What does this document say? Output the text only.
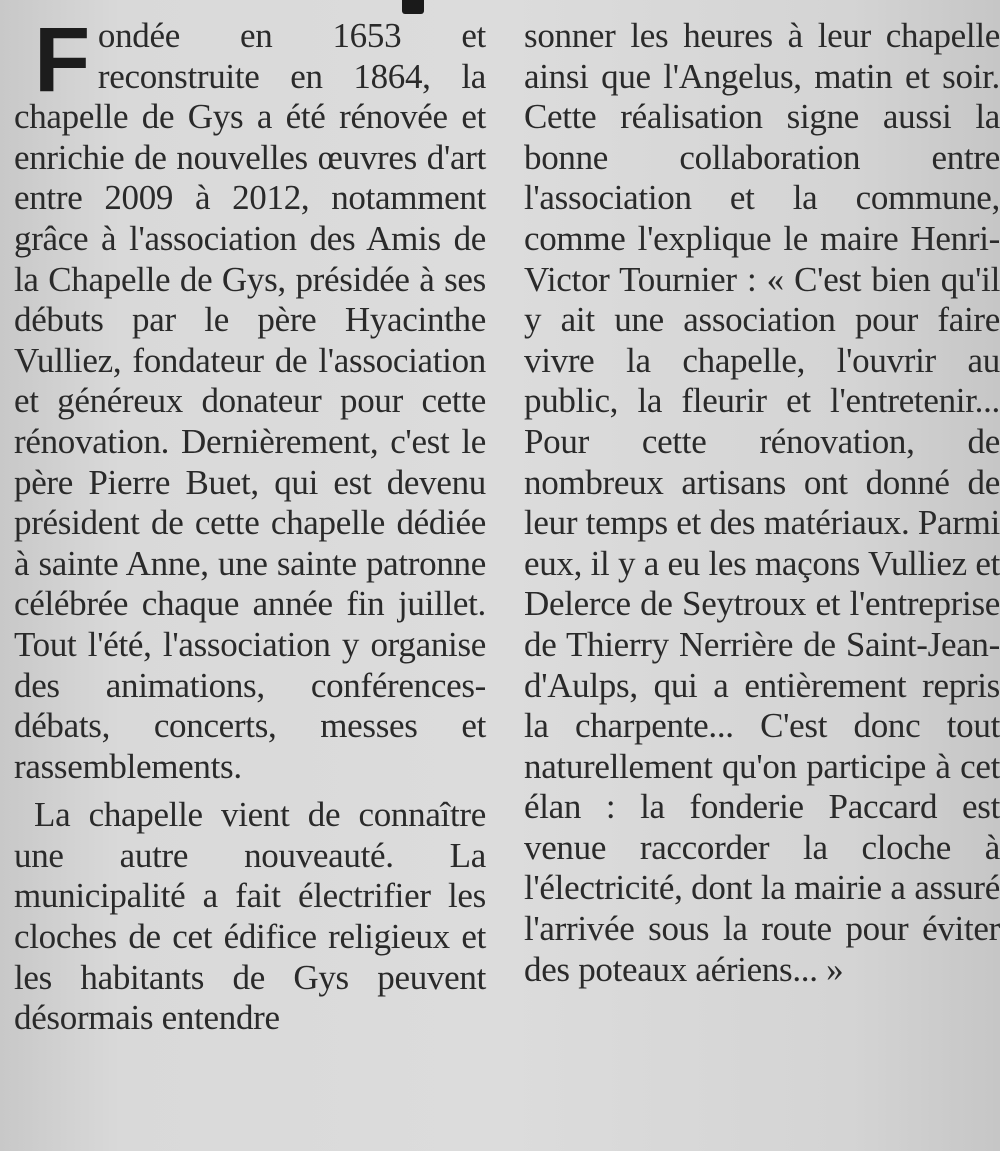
Fondée en 1653 et reconstruite en 1864, la chapelle de Gys a été rénovée et enrichie de nouvelles œuvres d'art entre 2009 à 2012, notamment grâce à l'association des Amis de la Chapelle de Gys, présidée à ses débuts par le père Hyacinthe Vulliez, fondateur de l'association et généreux donateur pour cette rénovation. Dernièrement, c'est le père Pierre Buet, qui est devenu président de cette chapelle dédiée à sainte Anne, une sainte patronne célébrée chaque année fin juillet. Tout l'été, l'association y organise des animations, conférences-débats, concerts, messes et rassemblements.

La chapelle vient de connaître une autre nouveauté. La municipalité a fait électrifier les cloches de cet édifice religieux et les habitants de Gys peuvent désormais entendre

sonner les heures à leur chapelle ainsi que l'Angelus, matin et soir. Cette réalisation signe aussi la bonne collaboration entre l'association et la commune, comme l'explique le maire Henri-Victor Tournier : « C'est bien qu'il y ait une association pour faire vivre la chapelle, l'ouvrir au public, la fleurir et l'entretenir... Pour cette rénovation, de nombreux artisans ont donné de leur temps et des matériaux. Parmi eux, il y a eu les maçons Vulliez et Delerce de Seytroux et l'entreprise de Thierry Nerrière de Saint-Jean-d'Aulps, qui a entièrement repris la charpente... C'est donc tout naturellement qu'on participe à cet élan : la fonderie Paccard est venue raccorder la cloche à l'électricité, dont la mairie a assuré l'arrivée sous la route pour éviter des poteaux aériens... »
